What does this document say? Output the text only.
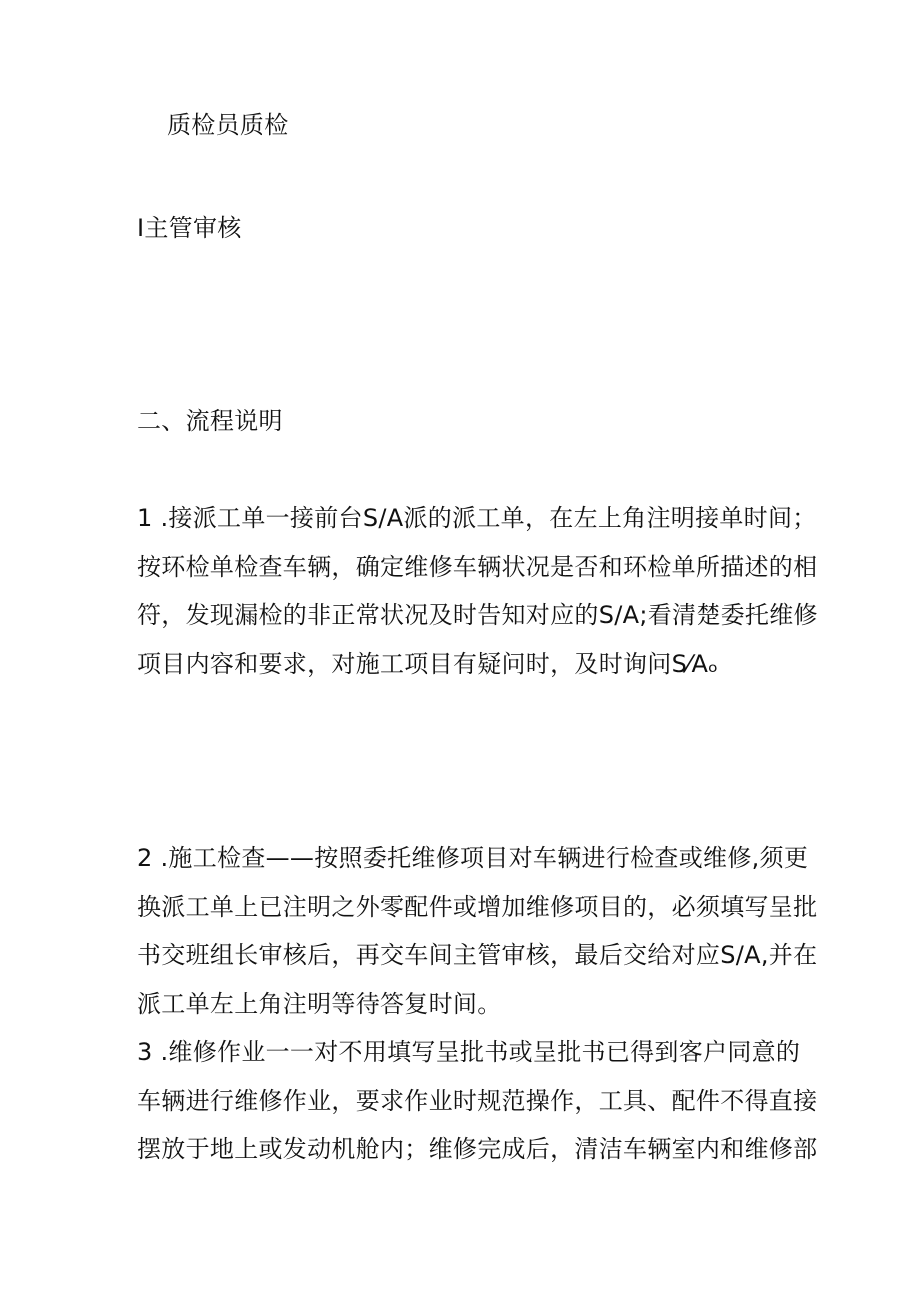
质检员质检

I主管审核

二、流程说明

1 .接派工单一接前台S/A派的派工单，在左上角注明接单时间；
按环检单检查车辆，确定维修车辆状况是否和环检单所描述的相
符，发现漏检的非正常状况及时告知对应的S/A;看清楚委托维修
项目内容和要求，对施工项目有疑问时，及时询问S⁄Aₒ
2 .施工检查——按照委托维修项目对车辆进行检查或维修,须更
换派工单上已注明之外零配件或增加维修项目的，必须填写呈批
书交班组长审核后，再交车间主管审核，最后交给对应S/A,并在
派工单左上角注明等待答复时间。
3 .维修作业一一对不用填写呈批书或呈批书已得到客户同意的
车辆进行维修作业，要求作业时规范操作，工具、配件不得直接
摆放于地上或发动机舱内；维修完成后，清洁车辆室内和维修部
